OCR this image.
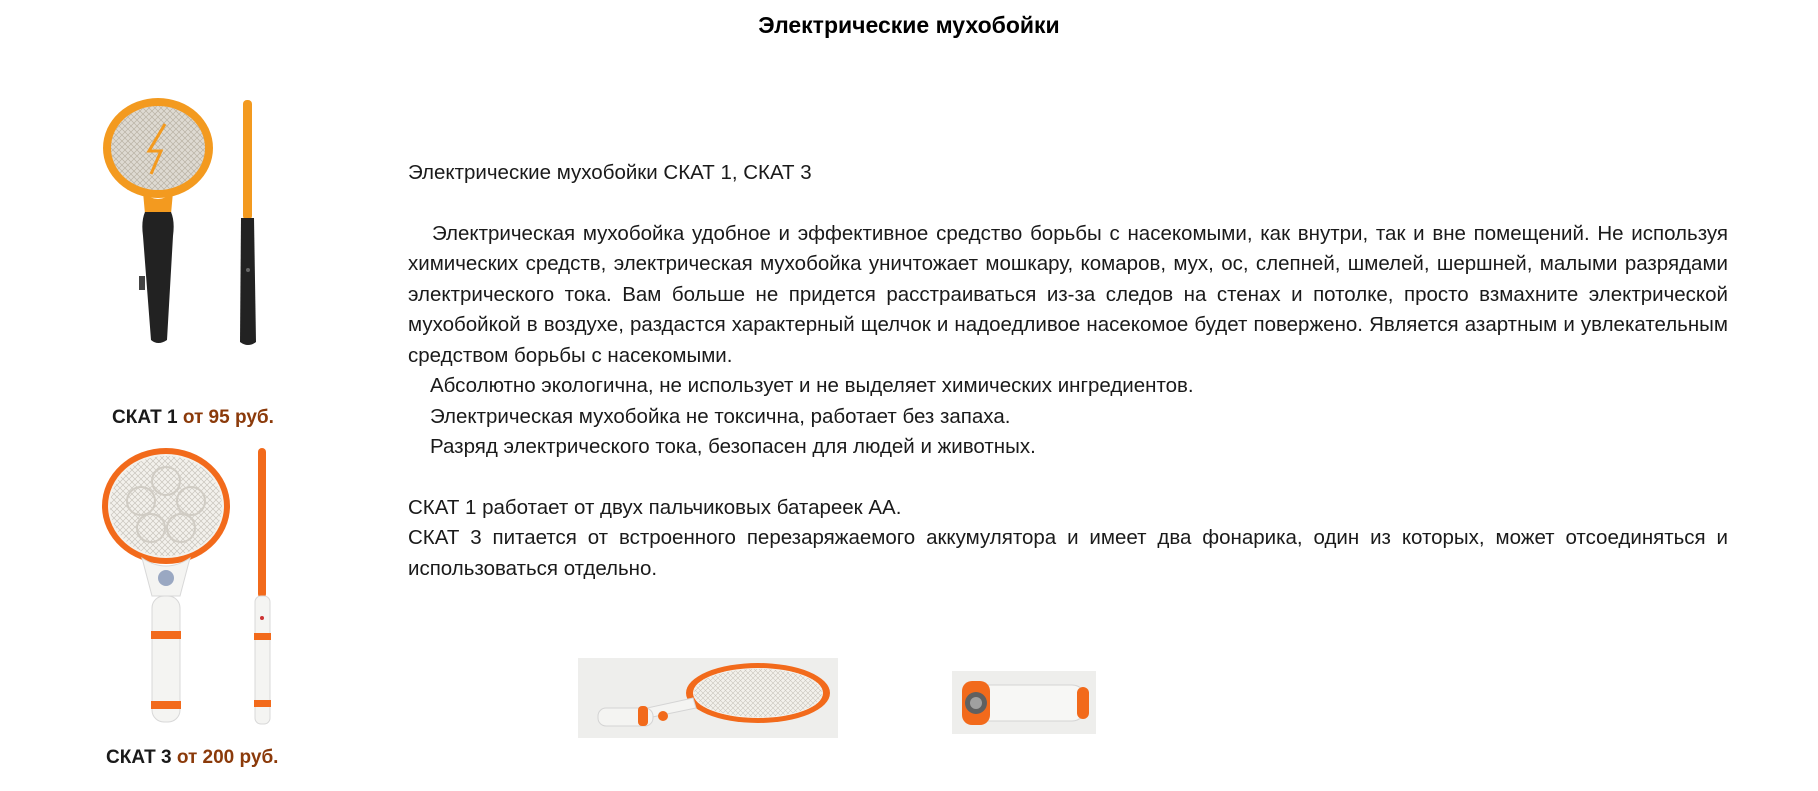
Электрические мухобойки
СКАТ 1 от 95 руб.
СКАТ 3 от 200 руб.

Электрические мухобойки СКАТ 1, СКАТ 3

Электрическая мухобойка удобное и эффективное средство борьбы с насекомыми, как внутри, так и вне помещений. Не используя химических средств, электрическая мухобойка уничтожает мошкару, комаров, мух, ос, слепней, шмелей, шершней, малыми разрядами электрического тока. Вам больше не придется расстраиваться из-за следов на стенах и потолке, просто взмахните электрической мухобойкой в воздухе, раздастся характерный щелчок и надоедливое насекомое будет повержено. Является азартным и увлекательным средством борьбы с насекомыми.

Абсолютно экологична, не использует и не выделяет химических ингредиентов.

Электрическая мухобойка не токсична, работает без запаха.

Разряд электрического тока, безопасен для людей и животных.

СКАТ 1 работает от двух пальчиковых батареек АА.

СКАТ 3 питается от встроенного перезаряжаемого аккумулятора и имеет два фонарика, один из которых, может отсоединяться и использоваться отдельно.
